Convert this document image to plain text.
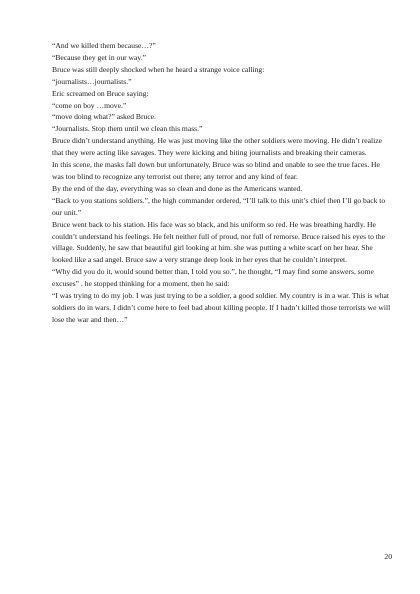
“And we killed them because…?”

“Because they get in our way.”

Bruce was still deeply shocked when he heard a strange voice calling:

“journalists…journalists.”

Eric screamed on Bruce saying:

“come on boy …move.”

“move doing what?” asked Bruce.

“Journalists. Stop them until we clean this mass.”

Bruce didn’t understand anything. He was just moving like the other soldiers were moving. He didn’t realize that they were acting like savages. They were kicking and biting journalists and breaking their cameras.

In this scene, the masks fall down but unfortunately, Bruce was so blind and unable to see the true faces. He was too blind to recognize any terrorist out there; any terror and any kind of fear.

By the end of the day, everything was so clean and done as the Americans wanted.

“Back to you stations soldiers.”, the high commander ordered, “I’ll talk to this unit’s chief then I’ll go back to our unit.”

Bruce went back to his station. His face was so black, and his uniform so red. He was breathing hardly. He couldn’t understand his feelings. He felt neither full of proud, nor full of remorse. Bruce raised his eyes to the village. Suddenly, he saw that beautiful girl looking at him. she was putting a white scarf on her hear. She looked like a sad angel. Bruce saw a very strange deep look in her eyes that he couldn’t interpret.

“Why did you do it, would sound better than, I told you so.”, he thought, “I may find some answers, some excuses” . he stopped thinking for a moment, then he said:

“I was trying to do my job. I was just trying to be a soldier, a good soldier. My country is in a war. This is what soldiers do in wars. I didn’t come here to feel bad about killing people. If I hadn’t killed those terrorists we will lose the war and then…”

20
